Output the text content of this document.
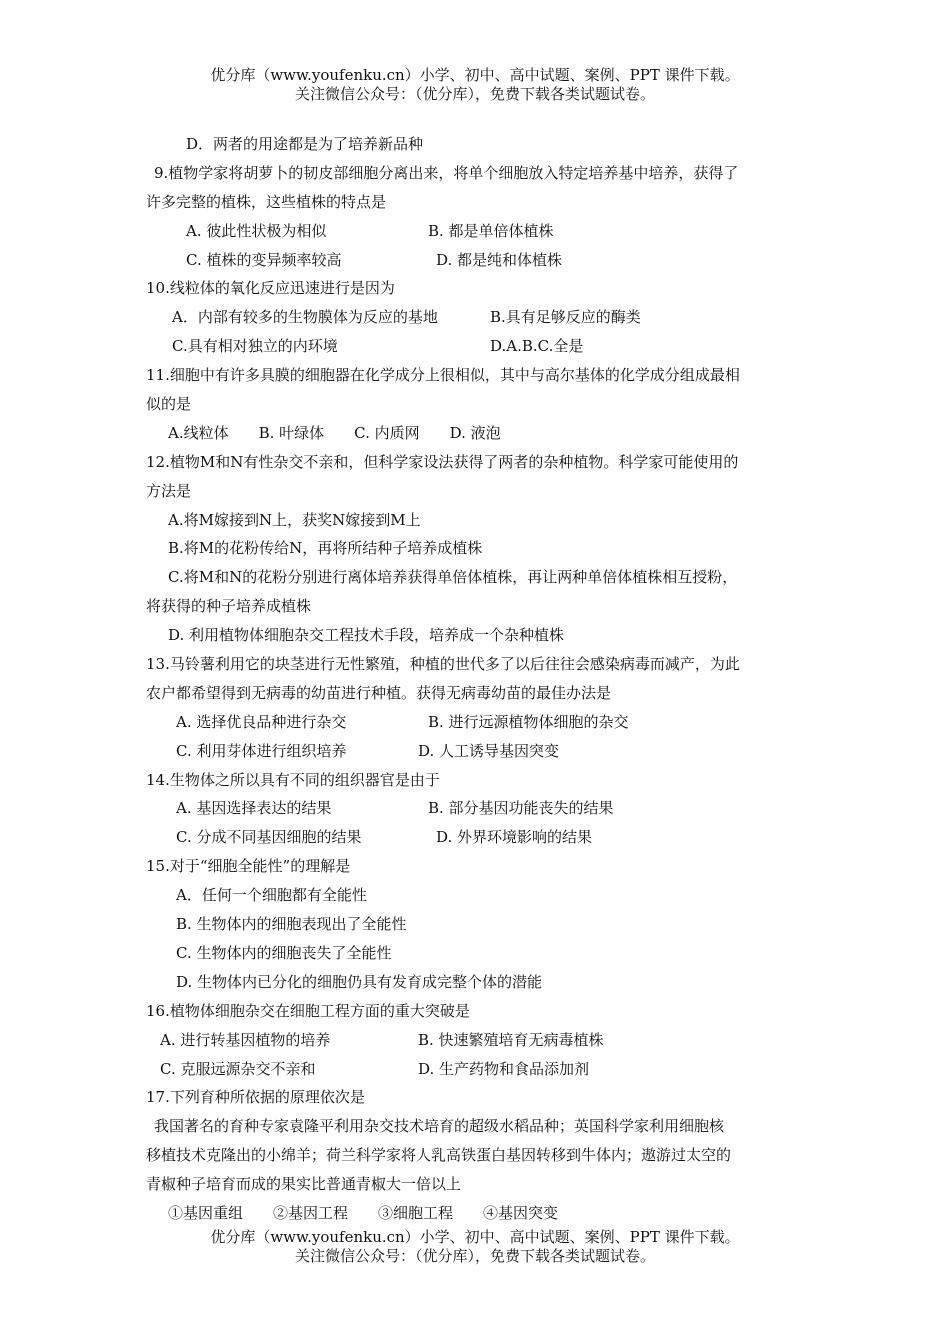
优分库（www.youfenku.cn）小学、初中、高中试题、案例、PPT 课件下载。
关注微信公众号：（优分库），免费下载各类试题试卷。
D．两者的用途都是为了培养新品种
9.植物学家将胡萝卜的韧皮部细胞分离出来，将单个细胞放入特定培养基中培养，获得了
许多完整的植株，这些植株的特点是
A. 彼此性状极为相似	B. 都是单倍体植株
C. 植株的变异频率较高	D. 都是纯和体植株
10.线粒体的氧化反应迅速进行是因为
A．内部有较多的生物膜体为反应的基地	B.具有足够反应的酶类
C.具有相对独立的内环境	D.A.B.C.全是
11.细胞中有许多具膜的细胞器在化学成分上很相似，其中与高尔基体的化学成分组成最相
似的是
A.线粒体　　B. 叶绿体　　C. 内质网　　D. 液泡
12.植物M和N有性杂交不亲和，但科学家设法获得了两者的杂种植物。科学家可能使用的
方法是
A.将M嫁接到N上，获奖N嫁接到M上
B.将M的花粉传给N，再将所结种子培养成植株
C.将M和N的花粉分别进行离体培养获得单倍体植株，再让两种单倍体植株相互授粉，
将获得的种子培养成植株
D. 利用植物体细胞杂交工程技术手段，培养成一个杂种植株
13.马铃薯利用它的块茎进行无性繁殖，种植的世代多了以后往往会感染病毒而减产，为此
农户都希望得到无病毒的幼苗进行种植。获得无病毒幼苗的最佳办法是
A. 选择优良品种进行杂交	B. 进行远源植物体细胞的杂交
C. 利用芽体进行组织培养	D. 人工诱导基因突变
14.生物体之所以具有不同的组织器官是由于
A. 基因选择表达的结果	B. 部分基因功能丧失的结果
C. 分成不同基因细胞的结果	D. 外界环境影响的结果
15.对于“细胞全能性”的理解是
A．任何一个细胞都有全能性
B. 生物体内的细胞表现出了全能性
C. 生物体内的细胞丧失了全能性
D. 生物体内已分化的细胞仍具有发育成完整个体的潜能
16.植物体细胞杂交在细胞工程方面的重大突破是
A. 进行转基因植物的培养	B. 快速繁殖培育无病毒植株
C. 克服远源杂交不亲和	D. 生产药物和食品添加剂
17.下列育种所依据的原理依次是
我国著名的育种专家袁隆平利用杂交技术培育的超级水稻品种；英国科学家利用细胞核
移植技术克隆出的小绵羊；荷兰科学家将人乳高铁蛋白基因转移到牛体内；遨游过太空的
青椒种子培育而成的果实比普通青椒大一倍以上
①基因重组　　②基因工程　　③细胞工程　　④基因突变
优分库（www.youfenku.cn）小学、初中、高中试题、案例、PPT 课件下载。
关注微信公众号：（优分库），免费下载各类试题试卷。
